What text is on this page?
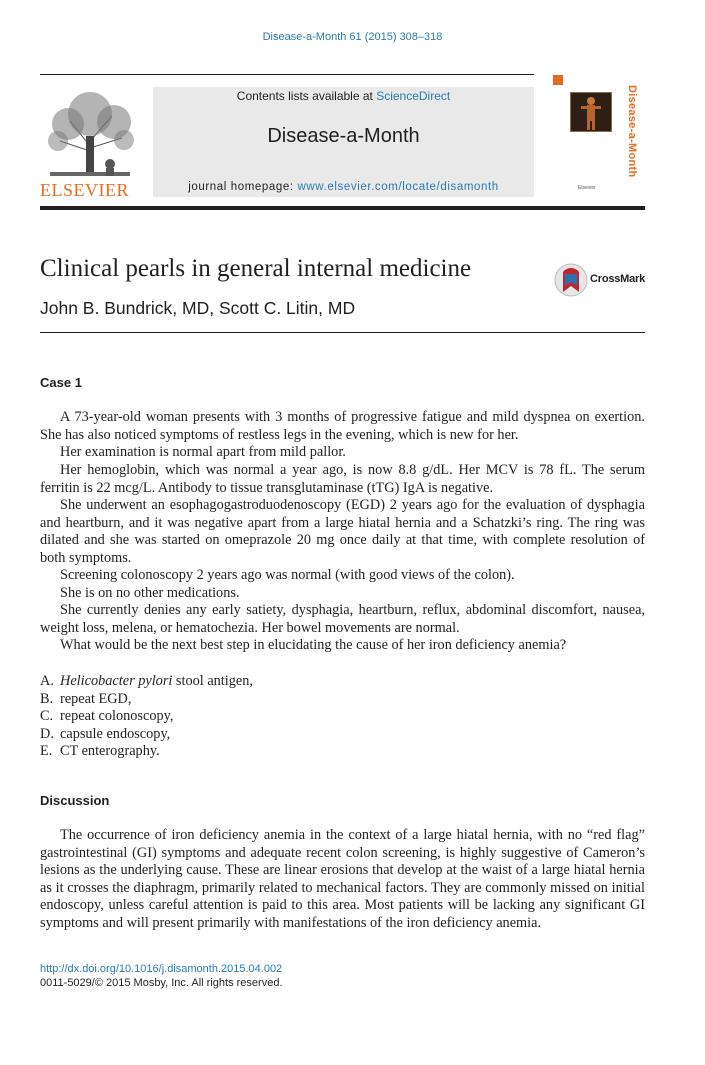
Disease-a-Month 61 (2015) 308–318
ELSEVIER
Contents lists available at ScienceDirect
Disease-a-Month
journal homepage: www.elsevier.com/locate/disamonth
Disease-a-Month
Elsevier
Clinical pearls in general internal medicine
John B. Bundrick, MD, Scott C. Litin, MD
CrossMark
Case 1

A 73-year-old woman presents with 3 months of progressive fatigue and mild dyspnea on exertion. She has also noticed symptoms of restless legs in the evening, which is new for her.

Her examination is normal apart from mild pallor.

Her hemoglobin, which was normal a year ago, is now 8.8 g/dL. Her MCV is 78 fL. The serum ferritin is 22 mcg/L. Antibody to tissue transglutaminase (tTG) IgA is negative.

She underwent an esophagogastroduodenoscopy (EGD) 2 years ago for the evaluation of dysphagia and heartburn, and it was negative apart from a large hiatal hernia and a Schatzki’s ring. The ring was dilated and she was started on omeprazole 20 mg once daily at that time, with complete resolution of both symptoms.

Screening colonoscopy 2 years ago was normal (with good views of the colon).

She is on no other medications.

She currently denies any early satiety, dysphagia, heartburn, reflux, abdominal discomfort, nausea, weight loss, melena, or hematochezia. Her bowel movements are normal.

What would be the next best step in elucidating the cause of her iron deficiency anemia?

A. Helicobacter pylori stool antigen,
B. repeat EGD,
C. repeat colonoscopy,
D. capsule endoscopy,
E. CT enterography.
Discussion

The occurrence of iron deficiency anemia in the context of a large hiatal hernia, with no “red flag” gastrointestinal (GI) symptoms and adequate recent colon screening, is highly suggestive of Cameron’s lesions as the underlying cause. These are linear erosions that develop at the waist of a large hiatal hernia as it crosses the diaphragm, primarily related to mechanical factors. They are commonly missed on initial endoscopy, unless careful attention is paid to this area. Most patients will be lacking any significant GI symptoms and will present primarily with manifestations of the iron deficiency anemia.

http://dx.doi.org/10.1016/j.disamonth.2015.04.002
0011-5029/© 2015 Mosby, Inc. All rights reserved.
